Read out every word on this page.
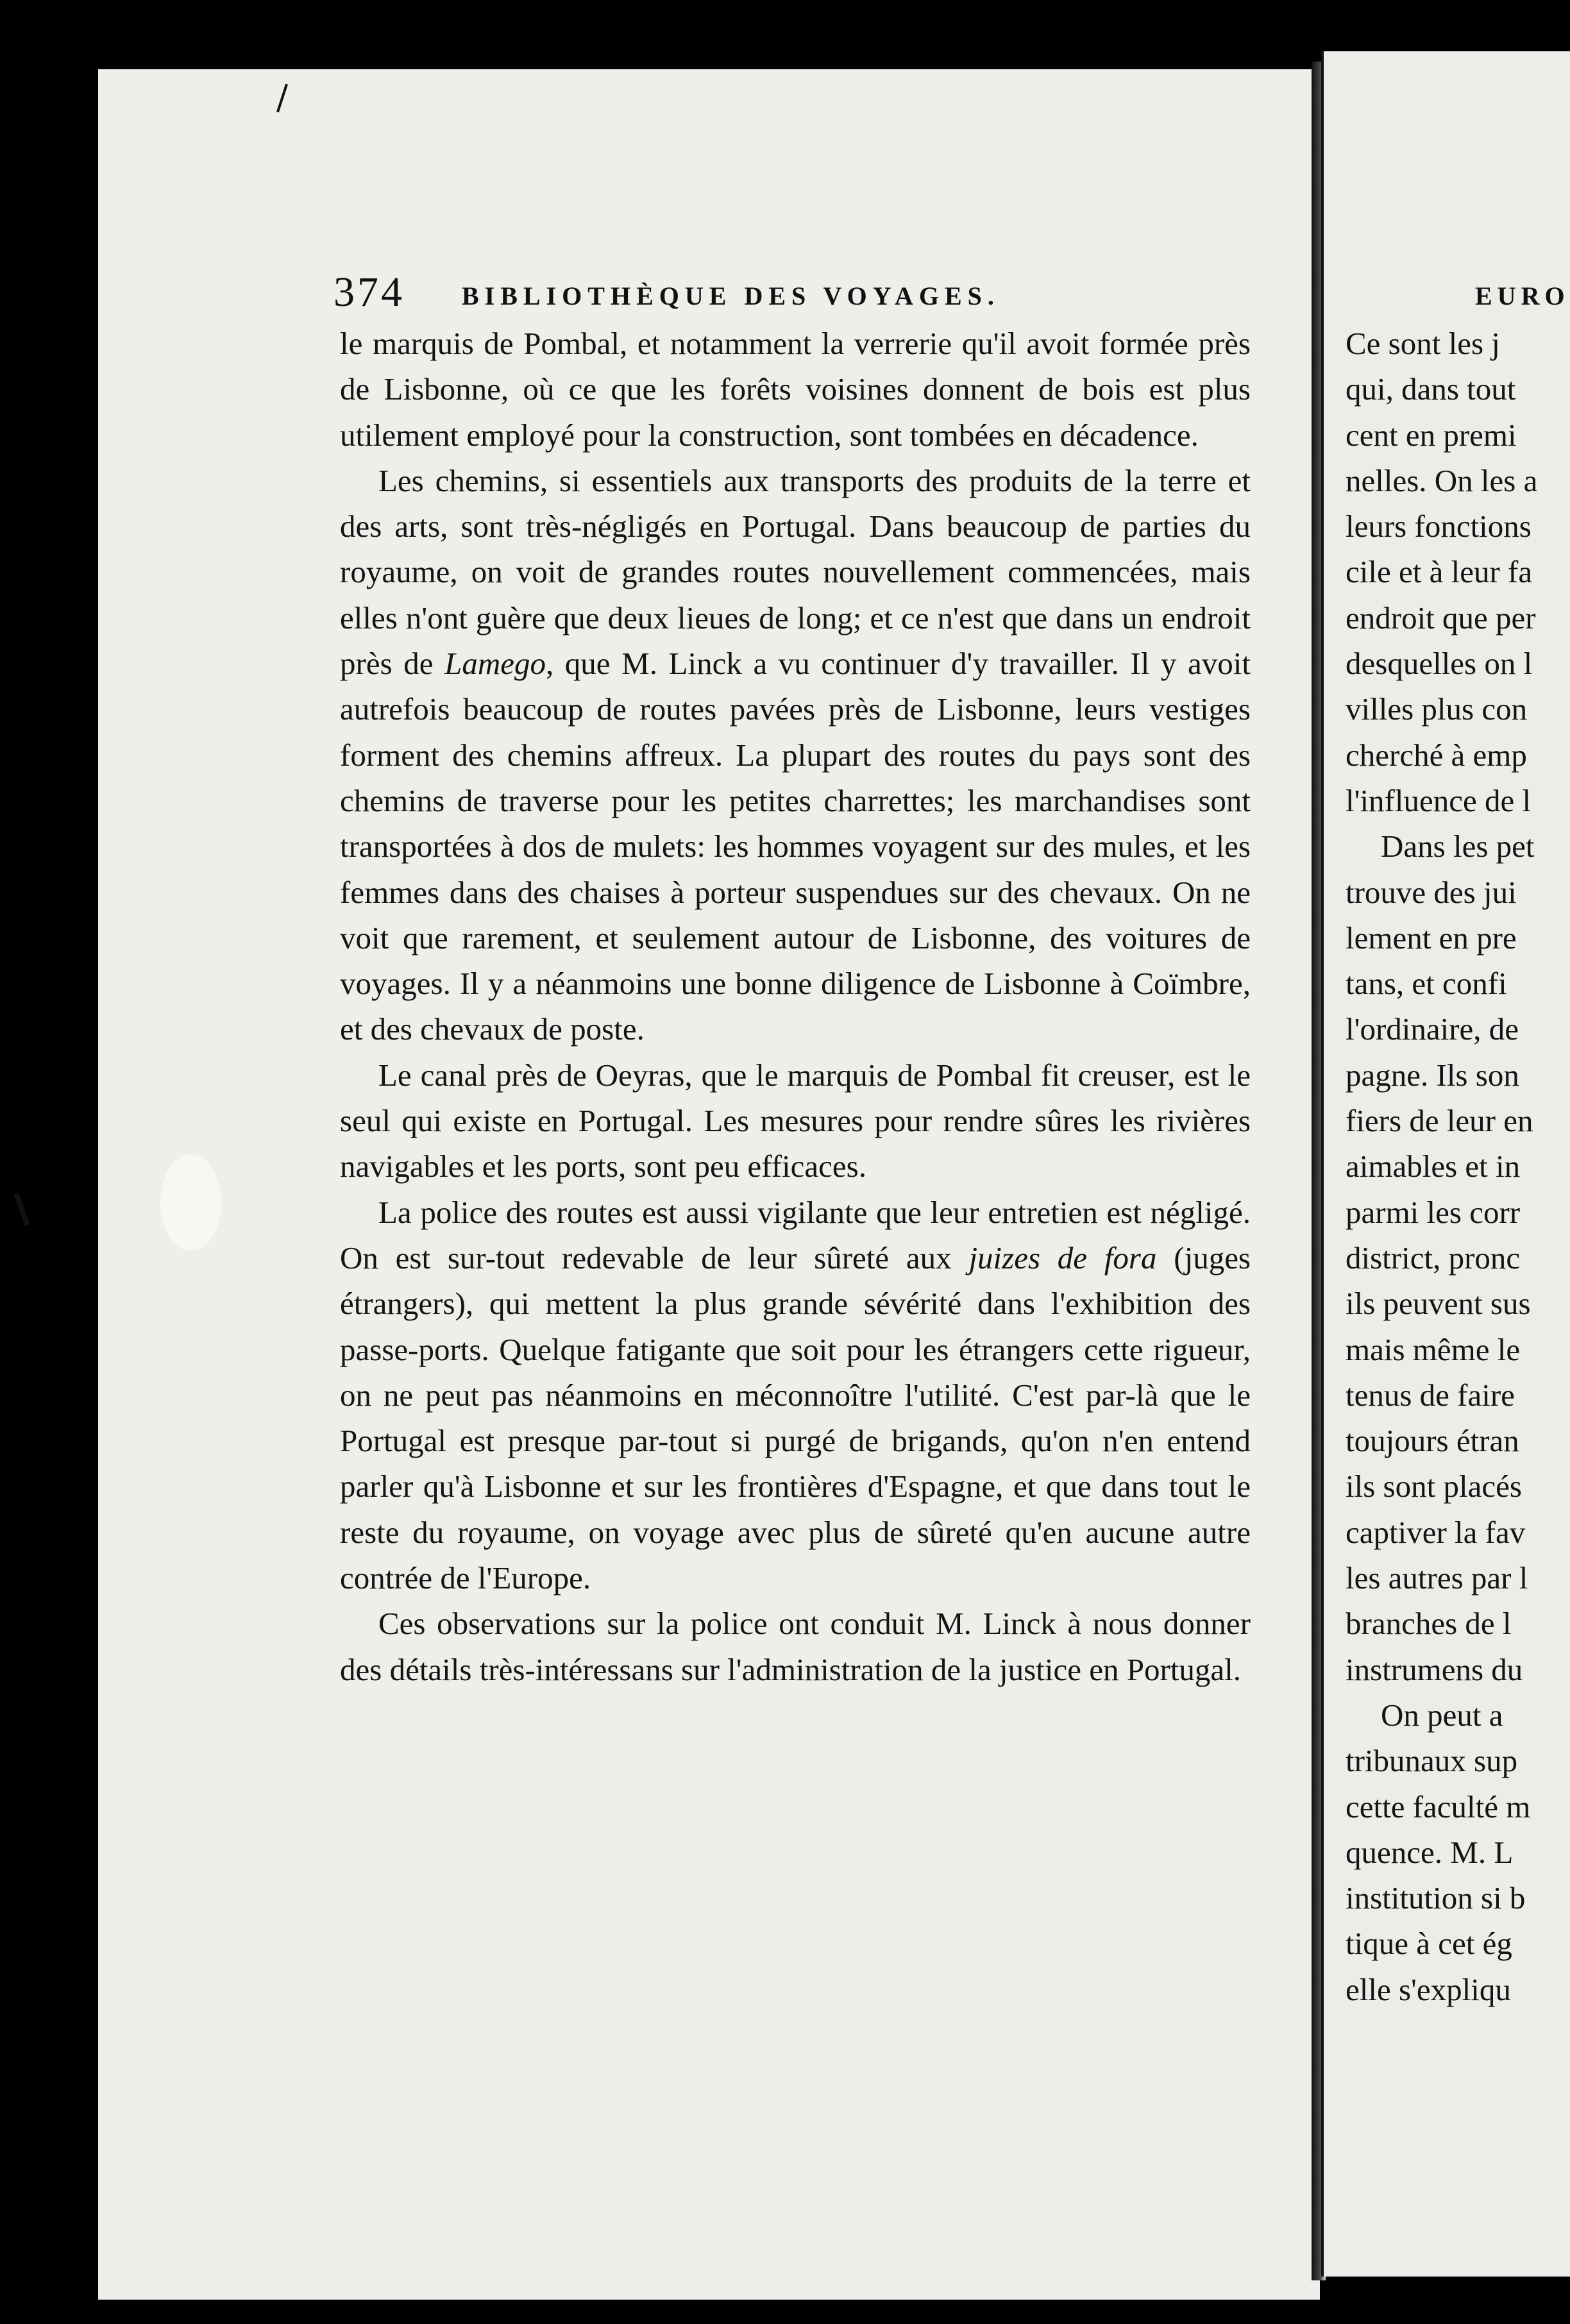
374 BIBLIOTHÈQUE DES VOYAGES.

le marquis de Pombal, et notamment la verrerie qu'il avoit formée près de Lisbonne, où ce que les forêts voisines donnent de bois est plus utilement employé pour la construction, sont tombées en décadence.

Les chemins, si essentiels aux transports des produits de la terre et des arts, sont très-négligés en Portugal. Dans beaucoup de parties du royaume, on voit de grandes routes nouvellement commencées, mais elles n'ont guère que deux lieues de long; et ce n'est que dans un endroit près de Lamego, que M. Linck a vu continuer d'y travailler. Il y avoit autrefois beaucoup de routes pavées près de Lisbonne, leurs vestiges forment des chemins affreux. La plupart des routes du pays sont des chemins de traverse pour les petites charrettes; les marchandises sont transportées à dos de mulets: les hommes voyagent sur des mules, et les femmes dans des chaises à porteur suspendues sur des chevaux. On ne voit que rarement, et seulement autour de Lisbonne, des voitures de voyages. Il y a néanmoins une bonne diligence de Lisbonne à Coïmbre, et des chevaux de poste.

Le canal près de Oeyras, que le marquis de Pombal fit creuser, est le seul qui existe en Portugal. Les mesures pour rendre sûres les rivières navigables et les ports, sont peu efficaces.

La police des routes est aussi vigilante que leur entretien est négligé. On est sur-tout redevable de leur sûreté aux juizes de fora (juges étrangers), qui mettent la plus grande sévérité dans l'exhibition des passe-ports. Quelque fatigante que soit pour les étrangers cette rigueur, on ne peut pas néanmoins en méconnoître l'utilité. C'est par-là que le Portugal est presque par-tout si purgé de brigands, qu'on n'en entend parler qu'à Lisbonne et sur les frontières d'Espagne, et que dans tout le reste du royaume, on voyage avec plus de sûreté qu'en aucune autre contrée de l'Europe.

Ces observations sur la police ont conduit M. Linck à nous donner des détails très-intéressans sur l'administration de la justice en Portugal.

EURO
Ce sont les j
qui, dans tout
cent en premi
nelles. On les a
leurs fonctions
cile et à leur fa
endroit que per
desquelles on l
villes plus con
cherché à emp
l'influence de l
Dans les pet
trouve des jui
lement en pre
tans, et confi
l'ordinaire, de
pagne. Ils son
fiers de leur en
aimables et in
parmi les corr
district, pronc
ils peuvent sus
mais même le
tenus de faire
toujours étran
ils sont placés
captiver la fav
les autres par l
branches de l
instrumens du
On peut a
tribunaux sup
cette faculté m
quence. M. L
institution si b
tique à cet ég
elle s'expliqu
